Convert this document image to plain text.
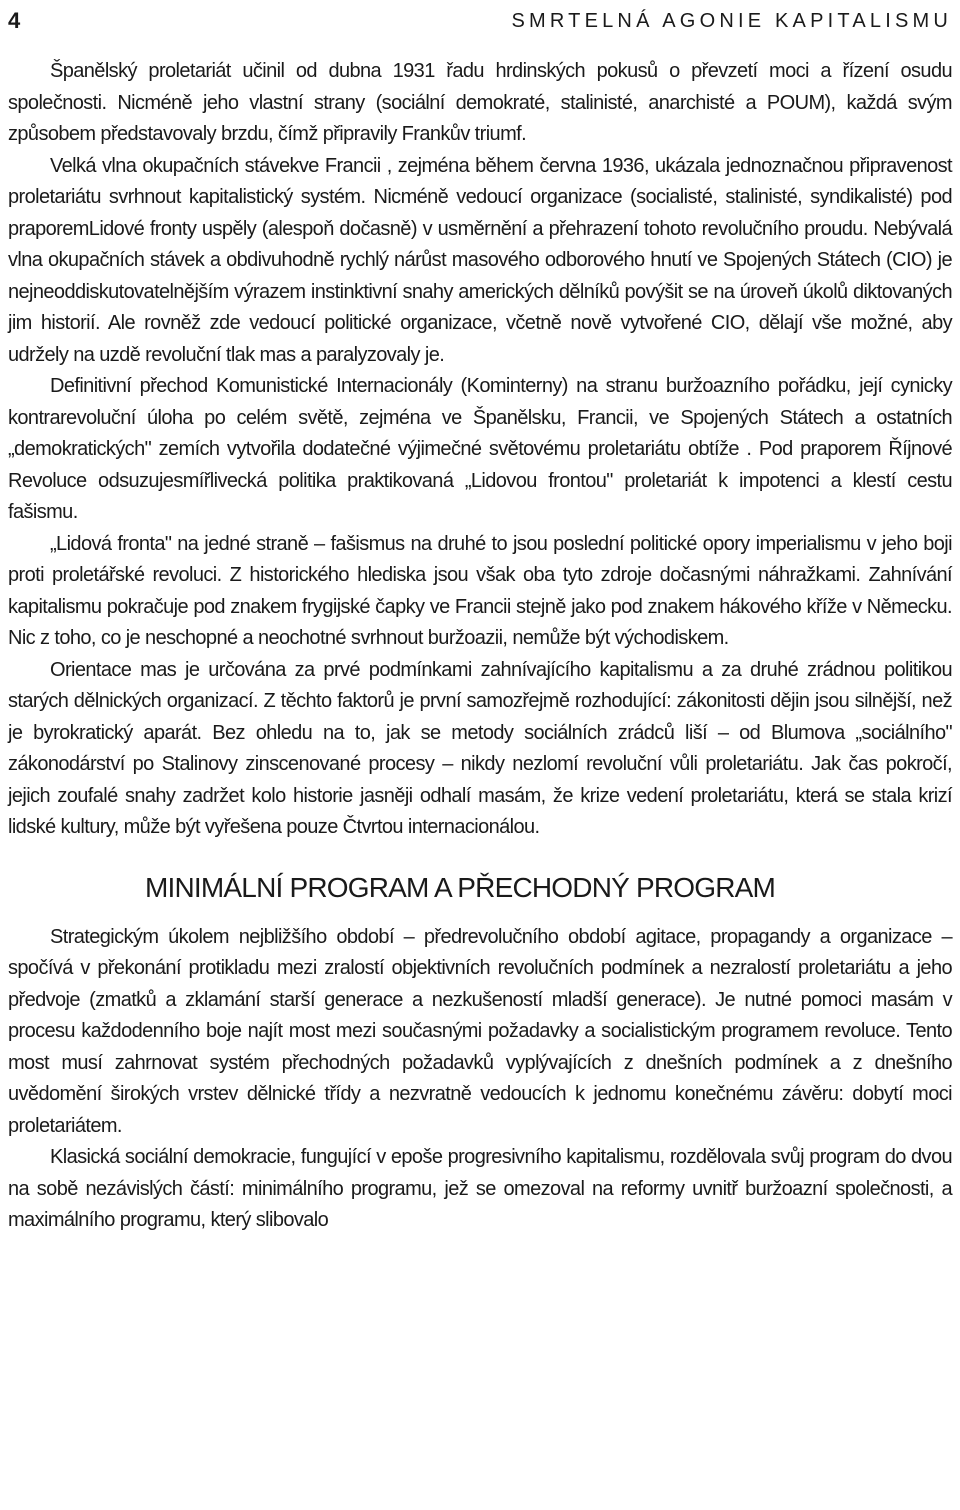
4	SMRTELNÁ AGONIE KAPITALISMU

Španělský proletariát učinil od dubna 1931 řadu hrdinských pokusů o převzetí moci a řízení osudu společnosti. Nicméně jeho vlastní strany (sociální demokraté, stalinisté, anarchisté a POUM), každá svým způsobem představovaly brzdu, čímž připravily Frankův triumf.

Velká vlna okupačních stávekve Francii , zejména během června 1936, ukázala jednoznačnou připravenost proletariátu svrhnout kapitalistický systém. Nicméně vedoucí organizace (socialisté, stalinisté, syndikalisté) pod praporemLidové fronty uspěly (alespoň dočasně) v usměrnění a přehrazení tohoto revolučního proudu. Nebývalá vlna okupačních stávek a obdivuhodně rychlý nárůst masového odborového hnutí ve Spojených Státech (CIO) je nejneoddiskutovatelnějším výrazem instinktivní snahy amerických dělníků povýšit se na úroveň úkolů diktovaných jim historií. Ale rovněž zde vedoucí politické organizace, včetně nově vytvořené CIO, dělají vše možné, aby udržely na uzdě revoluční tlak mas a paralyzovaly je.

Definitivní přechod Komunistické Internacionály (Kominterny) na stranu buržoazního pořádku, její cynicky kontrarevoluční úloha po celém světě, zejména ve Španělsku, Francii, ve Spojených Státech a ostatních „demokratických" zemích vytvořila dodatečné výjimečné světovému proletariátu obtíže . Pod praporem Říjnové Revoluce odsuzujesmířlivecká politika praktikovaná „Lidovou frontou" proletariát k impotenci a klestí cestu fašismu.

„Lidová fronta" na jedné straně – fašismus na druhé to jsou poslední politické opory imperialismu v jeho boji proti proletářské revoluci. Z historického hlediska jsou však oba tyto zdroje dočasnými náhražkami. Zahnívání kapitalismu pokračuje pod znakem frygijské čapky ve Francii stejně jako pod znakem hákového kříže v Německu. Nic z toho, co je neschopné a neochotné svrhnout buržoazii, nemůže být východiskem.

Orientace mas je určována za prvé podmínkami zahnívajícího kapitalismu a za druhé zrádnou politikou starých dělnických organizací. Z těchto faktorů je první samozřejmě rozhodující: zákonitosti dějin jsou silnější, než je byrokratický aparát. Bez ohledu na to, jak se metody sociálních zrádců liší – od Blumova „sociálního" zákonodárství po Stalinovy zinscenované procesy – nikdy nezlomí revoluční vůli proletariátu. Jak čas pokročí, jejich zoufalé snahy zadržet kolo historie jasněji odhalí masám, že krize vedení proletariátu, která se stala krizí lidské kultury, může být vyřešena pouze Čtvrtou internacionálou.

MINIMÁLNÍ PROGRAM A PŘECHODNÝ PROGRAM

Strategickým úkolem nejbližšího období – předrevolučního období agitace, propagandy a organizace – spočívá v překonání protikladu mezi zralostí objektivních revolučních podmínek a nezralostí proletariátu a jeho předvoje (zmatků a zklamání starší generace a nezkušeností mladší generace). Je nutné pomoci masám v procesu každodenního boje najít most mezi současnými požadavky a socialistickým programem revoluce. Tento most musí zahrnovat systém přechodných požadavků vyplývajících z dnešních podmínek a z dnešního uvědomění širokých vrstev dělnické třídy a nezvratně vedoucích k jednomu konečnému závěru: dobytí moci proletariátem.

Klasická sociální demokracie, fungující v epoše progresivního kapitalismu, rozdělovala svůj program do dvou na sobě nezávislých částí: minimálního programu, jež se omezoval na reformy uvnitř buržoazní společnosti, a maximálního programu, který slibovalo
